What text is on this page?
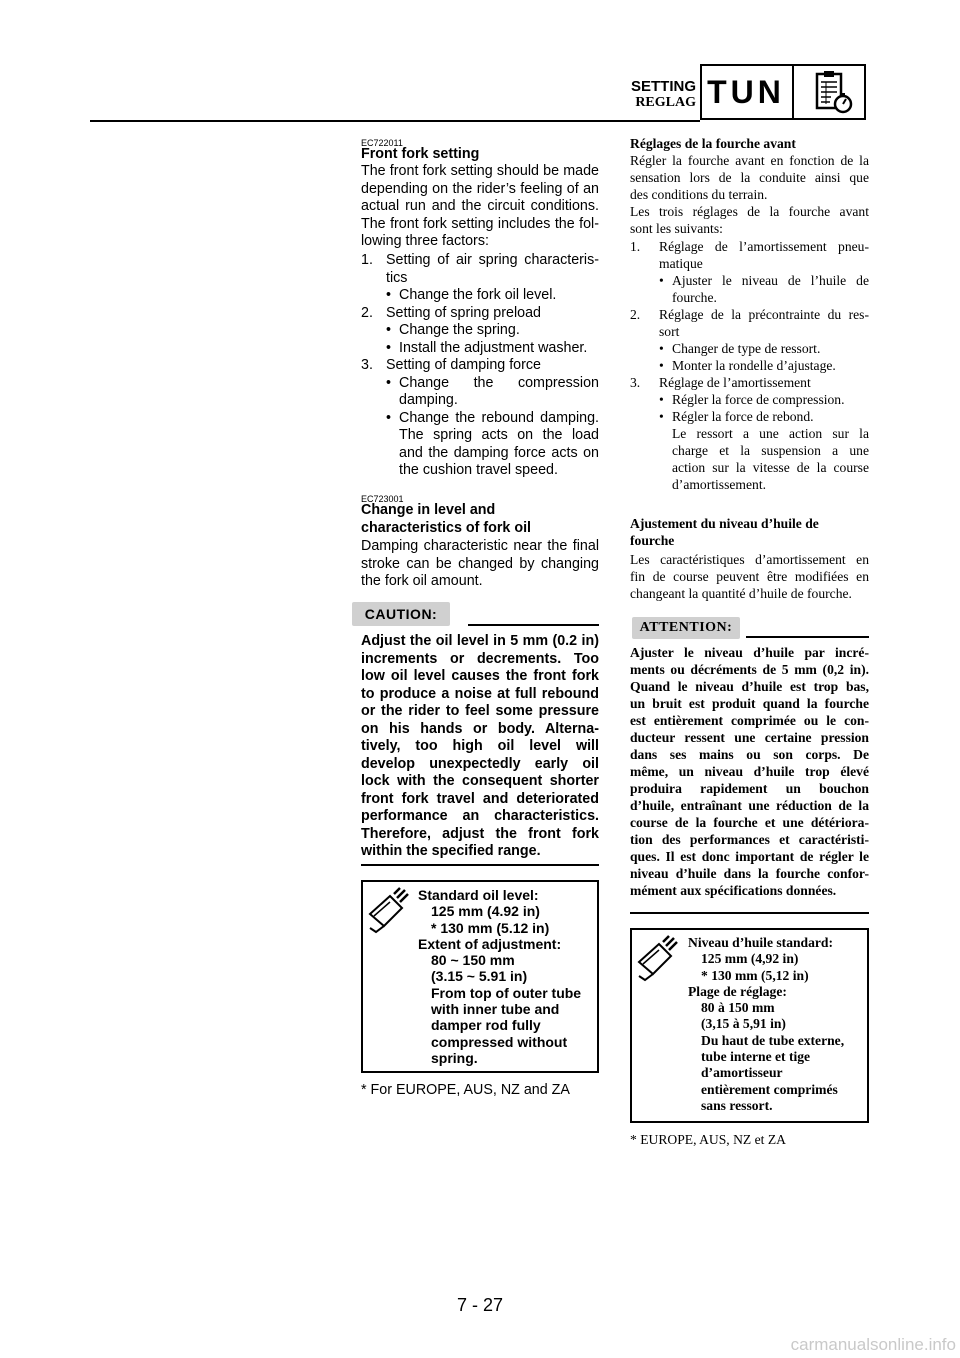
SETTING
REGLAG TUN
EC722011
Front fork setting
The front fork setting should be made
depending on the rider’s feeling of an
actual run and the circuit conditions.
The front fork setting includes the fol-
lowing three factors:
1. Setting of air spring characteris-
tics
• Change the fork oil level.
2. Setting of spring preload
• Change the spring.
• Install the adjustment washer.
3. Setting of damping force
• Change the compression
damping.
• Change the rebound damping.
The spring acts on the load
and the damping force acts on
the cushion travel speed.
EC723001
Change in level and
characteristics of fork oil
Damping characteristic near the final
stroke can be changed by changing
the fork oil amount.
CAUTION:
Adjust the oil level in 5 mm (0.2 in)
increments or decrements. Too
low oil level causes the front fork
to produce a noise at full rebound
or the rider to feel some pressure
on his hands or body. Alterna-
tively, too high oil level will
develop unexpectedly early oil
lock with the consequent shorter
front fork travel and deteriorated
performance an characteristics.
Therefore, adjust the front fork
within the specified range.
Standard oil level:
125 mm (4.92 in)
* 130 mm (5.12 in)
Extent of adjustment:
80 ~ 150 mm
(3.15 ~ 5.91 in)
From top of outer tube
with inner tube and
damper rod fully
compressed without
spring.
* For EUROPE, AUS, NZ and ZA
Réglages de la fourche avant
Régler la fourche avant en fonction de la
sensation lors de la conduite ainsi que
des conditions du terrain.
Les trois réglages de la fourche avant
sont les suivants:
1.	Réglage de l’amortissement pneu-
matique
• Ajuster le niveau de l’huile de
fourche.
2.	Réglage de la précontrainte du res-
sort
• Changer de type de ressort.
• Monter la rondelle d’ajustage.
3.	Réglage de l’amortissement
• Régler la force de compression.
• Régler la force de rebond.
Le ressort a une action sur la
charge et la suspension a une
action sur la vitesse de la course
d’amortissement.
Ajustement du niveau d’huile de
fourche
Les caractéristiques d’amortissement en
fin de course peuvent être modifiées en
changeant la quantité d’huile de fourche.
ATTENTION:
Ajuster le niveau d’huile par incré-
ments ou décréments de 5 mm (0,2 in).
Quand le niveau d’huile est trop bas,
un bruit est produit quand la fourche
est entièrement comprimée ou le con-
ducteur ressent une certaine pression
dans ses mains ou son corps. De
même, un niveau d’huile trop élevé
produira rapidement un bouchon
d’huile, entraînant une réduction de la
course de la fourche et une détériora-
tion des performances et caractéristi-
ques. Il est donc important de régler le
niveau d’huile dans la fourche confor-
mément aux spécifications données.
Niveau d’huile standard:
125 mm (4,92 in)
* 130 mm (5,12 in)
Plage de réglage:
80 à 150 mm
(3,15 à 5,91 in)
Du haut de tube externe,
tube interne et tige
d’amortisseur
entièrement comprimés
sans ressort.
* EUROPE, AUS, NZ et ZA
7 - 27
carmanualsonline.info
